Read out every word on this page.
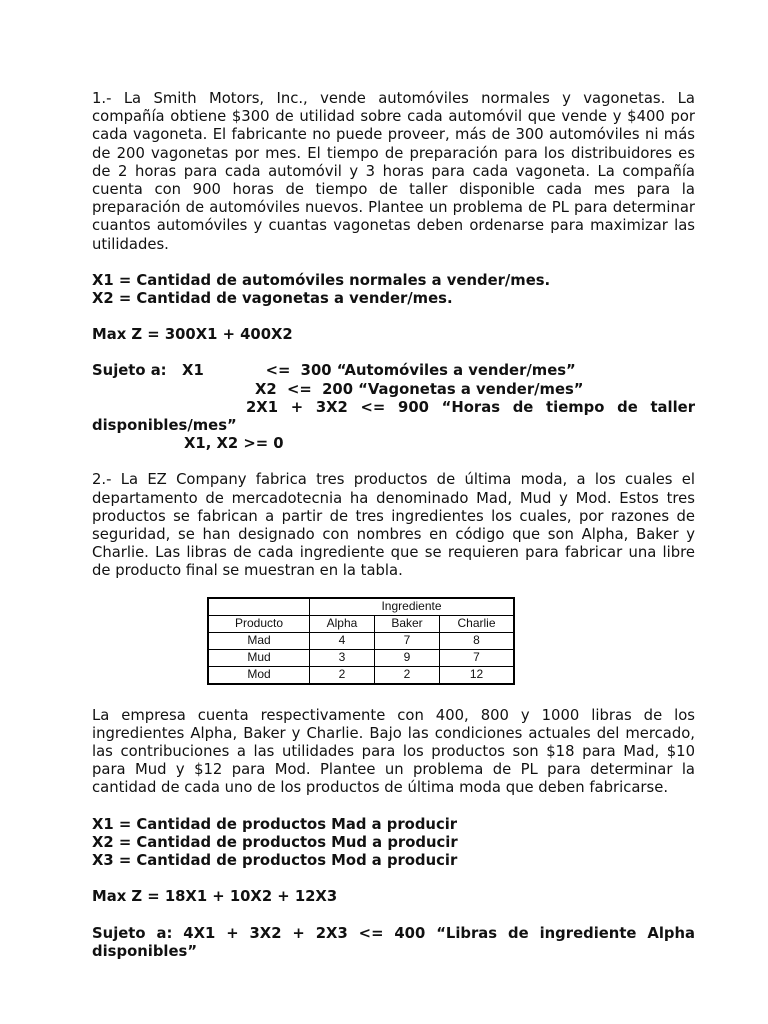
1.- La Smith Motors, Inc., vende automóviles normales y vagonetas. La compañía obtiene $300 de utilidad sobre cada automóvil que vende y $400 por cada vagoneta. El fabricante no puede proveer, más de 300 automóviles ni más de 200 vagonetas por mes. El tiempo de preparación para los distribuidores es de 2 horas para cada automóvil y 3 horas para cada vagoneta. La compañía cuenta con 900 horas de tiempo de taller disponible cada mes para la preparación de automóviles nuevos. Plantee un problema de PL para determinar cuantos automóviles y cuantas vagonetas deben ordenarse para maximizar las utilidades.

X1 = Cantidad de automóviles normales a vender/mes.

X2 = Cantidad de vagonetas a vender/mes.

Max Z = 300X1 + 400X2

Sujeto a:   X1            <=  300 “Automóviles a vender/mes”

X2  <=  200 “Vagonetas a vender/mes”

2X1 + 3X2 <= 900 “Horas de tiempo de taller

disponibles/mes”

X1, X2 >= 0

2.- La EZ Company fabrica tres productos de última moda, a los cuales el departamento de mercadotecnia ha denominado Mad, Mud y Mod. Estos tres productos se fabrican a partir de tres ingredientes los cuales, por razones de seguridad, se han designado con nombres en código que son Alpha, Baker y Charlie. Las libras de cada ingrediente que se requieren para fabricar una libre de producto final se muestran en la tabla.

	Ingrediente		
Producto	Alpha	Baker	Charlie
Mad	4	7	8
Mud	3	9	7
Mod	2	2	12

La empresa cuenta respectivamente con 400, 800 y 1000 libras de los ingredientes Alpha, Baker y Charlie. Bajo las condiciones actuales del mercado, las contribuciones a las utilidades para los productos son $18 para Mad, $10 para Mud y $12 para Mod. Plantee un problema de PL para determinar la cantidad de cada uno de los productos de última moda que deben fabricarse.

X1 = Cantidad de productos Mad a producir

X2 = Cantidad de productos Mud a producir

X3 = Cantidad de productos Mod a producir

Max Z = 18X1 + 10X2 + 12X3

Sujeto a: 4X1 + 3X2 + 2X3 <= 400 “Libras de ingrediente Alpha

disponibles”
